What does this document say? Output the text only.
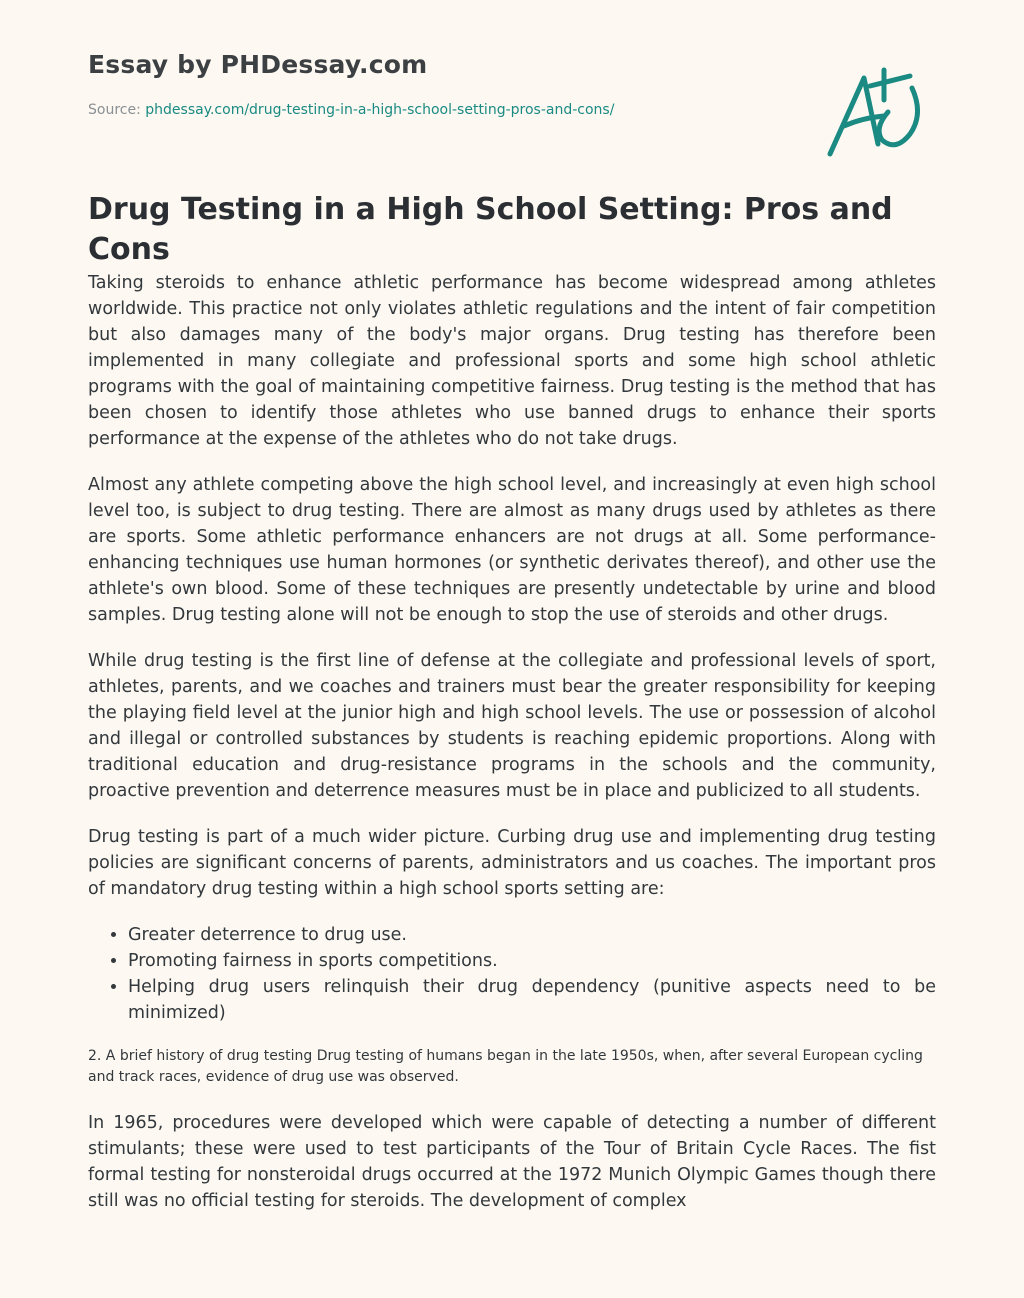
Essay by PHDessay.com
Source: phdessay.com/drug-testing-in-a-high-school-setting-pros-and-cons/
Drug Testing in a High School Setting: Pros and Cons

Taking steroids to enhance athletic performance has become widespread among athletes worldwide. This practice not only violates athletic regulations and the intent of fair competition but also damages many of the body's major organs. Drug testing has therefore been implemented in many collegiate and professional sports and some high school athletic programs with the goal of maintaining competitive fairness. Drug testing is the method that has been chosen to identify those athletes who use banned drugs to enhance their sports performance at the expense of the athletes who do not take drugs.

Almost any athlete competing above the high school level, and increasingly at even high school level too, is subject to drug testing. There are almost as many drugs used by athletes as there are sports. Some athletic performance enhancers are not drugs at all. Some performance-enhancing techniques use human hormones (or synthetic derivates thereof), and other use the athlete's own blood. Some of these techniques are presently undetectable by urine and blood samples. Drug testing alone will not be enough to stop the use of steroids and other drugs.

While drug testing is the first line of defense at the collegiate and professional levels of sport, athletes, parents, and we coaches and trainers must bear the greater responsibility for keeping the playing field level at the junior high and high school levels. The use or possession of alcohol and illegal or controlled substances by students is reaching epidemic proportions. Along with traditional education and drug-resistance programs in the schools and the community, proactive prevention and deterrence measures must be in place and publicized to all students.

Drug testing is part of a much wider picture. Curbing drug use and implementing drug testing policies are significant concerns of parents, administrators and us coaches. The important pros of mandatory drug testing within a high school sports setting are:

• Greater deterrence to drug use.
• Promoting fairness in sports competitions.
• Helping drug users relinquish their drug dependency (punitive aspects need to be minimized)

2. A brief history of drug testing Drug testing of humans began in the late 1950s, when, after several European cycling and track races, evidence of drug use was observed.

In 1965, procedures were developed which were capable of detecting a number of different stimulants; these were used to test participants of the Tour of Britain Cycle Races. The fist formal testing for nonsteroidal drugs occurred at the 1972 Munich Olympic Games though there still was no official testing for steroids. The development of complex
